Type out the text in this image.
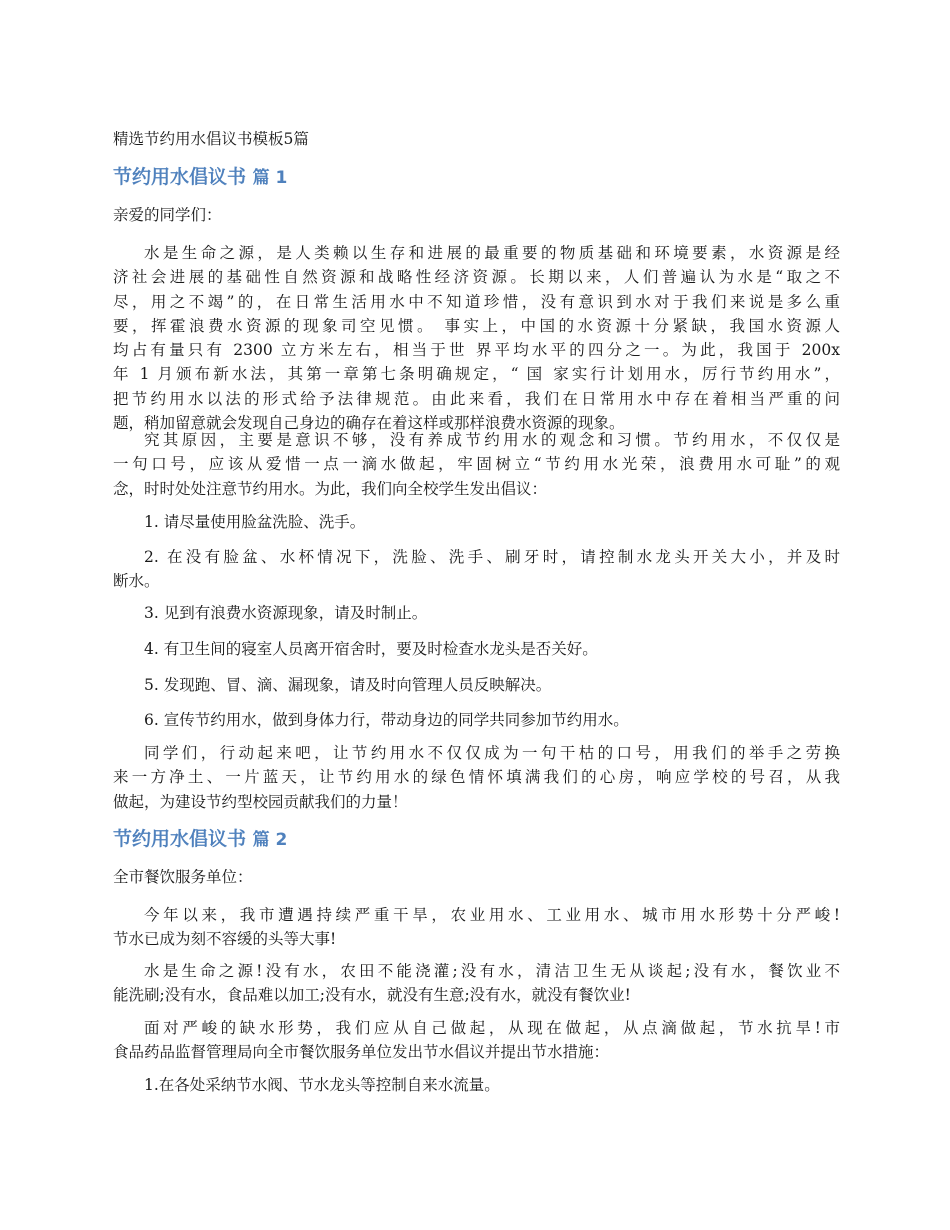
精选节约用水倡议书模板5篇
节约用水倡议书 篇 1
亲爱的同学们：
水是生命之源，是人类赖以生存和进展的最重要的物质基础和环境要素，水资源是经
济社会进展的基础性自然资源和战略性经济资源。长期以来，人们普遍认为水是“取之不
尽，用之不竭”的，在日常生活用水中不知道珍惜，没有意识到水对于我们来说是多么重
要，挥霍浪费水资源的现象司空见惯。 事实上，中国的水资源十分紧缺，我国水资源人
均占有量只有 2300 立方米左右，相当于世 界平均水平的四分之一。为此，我国于 200x
年 1 月颁布新水法，其第一章第七条明确规定，“ 国 家实行计划用水，厉行节约用水”，
把节约用水以法的形式给予法律规范。由此来看，我们在日常用水中存在着相当严重的问
题，稍加留意就会发现自己身边的确存在着这样或那样浪费水资源的现象。
究其原因，主要是意识不够，没有养成节约用水的观念和习惯。节约用水，不仅仅是
一句口号，应该从爱惜一点一滴水做起，牢固树立“节约用水光荣，浪费用水可耻”的观
念，时时处处注意节约用水。为此，我们向全校学生发出倡议：
1. 请尽量使用脸盆洗脸、洗手。
2. 在没有脸盆、水杯情况下，洗脸、洗手、刷牙时，请控制水龙头开关大小，并及时
断水。
3. 见到有浪费水资源现象，请及时制止。
4. 有卫生间的寝室人员离开宿舍时，要及时检查水龙头是否关好。
5. 发现跑、冒、滴、漏现象，请及时向管理人员反映解决。
6. 宣传节约用水，做到身体力行，带动身边的同学共同参加节约用水。
同学们，行动起来吧，让节约用水不仅仅成为一句干枯的口号，用我们的举手之劳换
来一方净土、一片蓝天，让节约用水的绿色情怀填满我们的心房，响应学校的号召，从我
做起，为建设节约型校园贡献我们的力量！
节约用水倡议书 篇 2
全市餐饮服务单位：
今年以来，我市遭遇持续严重干旱，农业用水、工业用水、城市用水形势十分严峻!
节水已成为刻不容缓的头等大事!
水是生命之源!没有水，农田不能浇灌;没有水，清洁卫生无从谈起;没有水，餐饮业不
能洗刷;没有水，食品难以加工;没有水，就没有生意;没有水，就没有餐饮业!
面对严峻的缺水形势，我们应从自己做起，从现在做起，从点滴做起，节水抗旱!市
食品药品监督管理局向全市餐饮服务单位发出节水倡议并提出节水措施：
1.在各处采纳节水阀、节水龙头等控制自来水流量。
